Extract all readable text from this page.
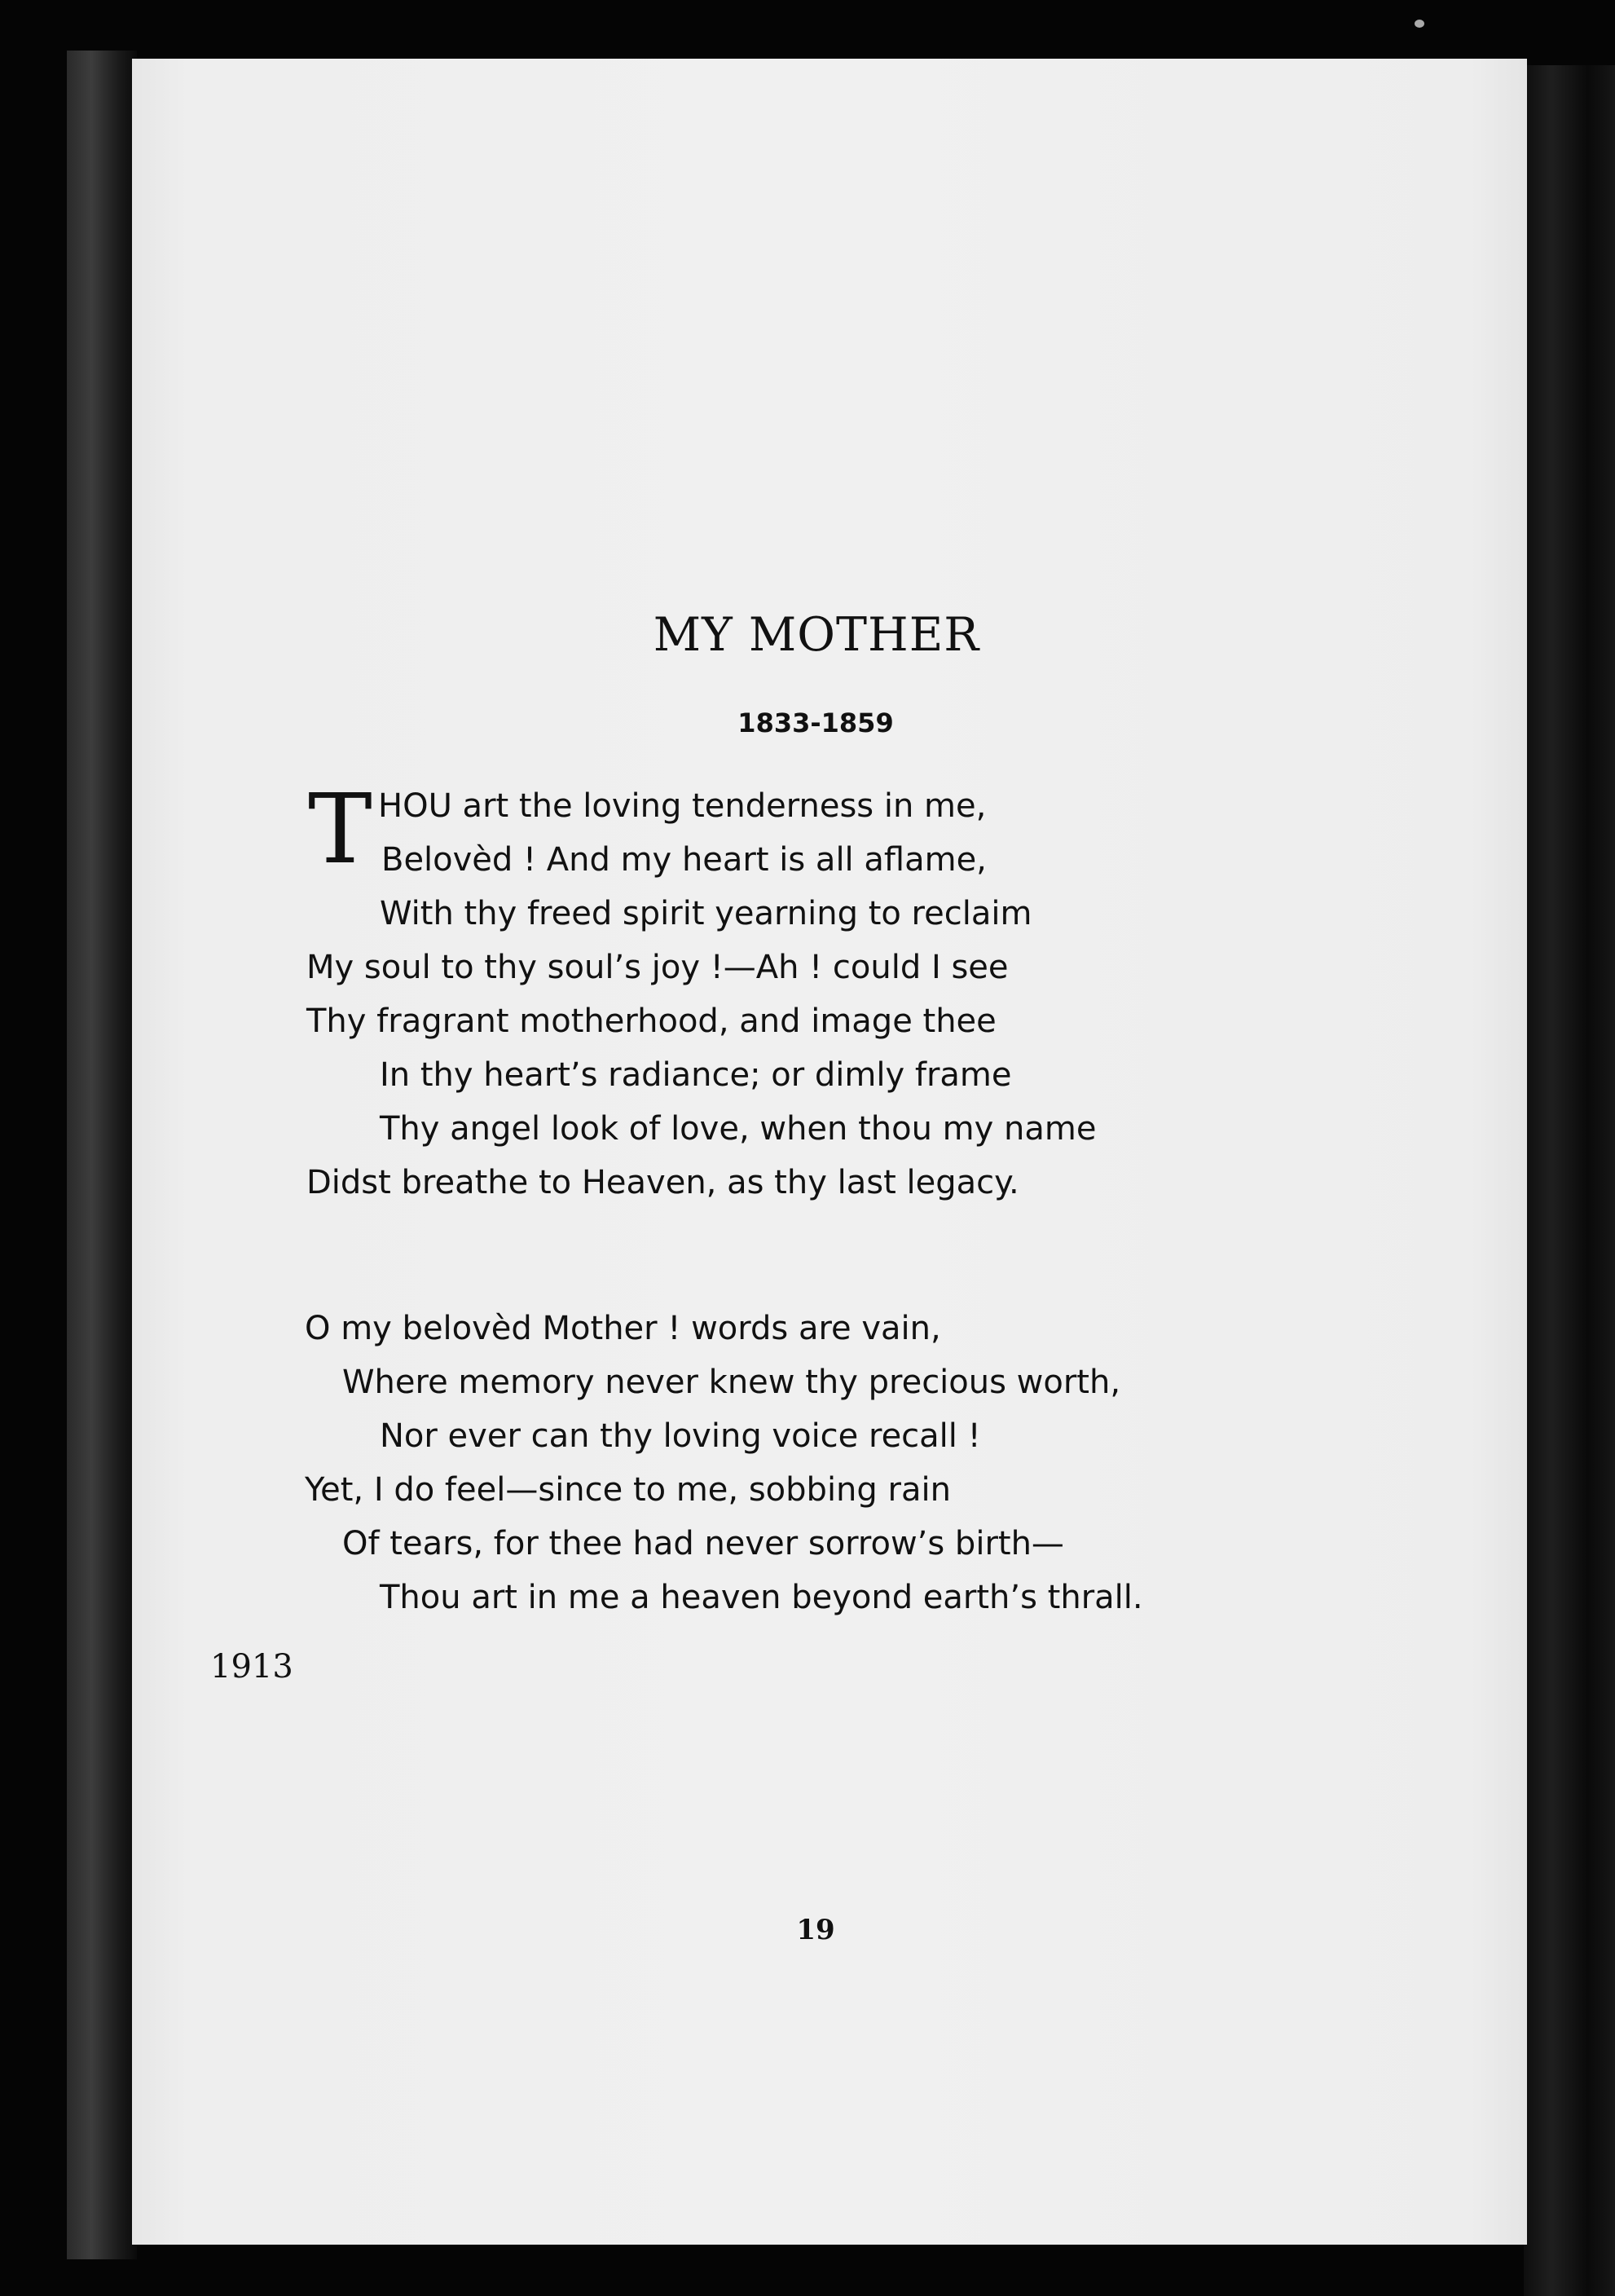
MY MOTHER

1833-1859

T HOU art the loving tenderness in me,

Belovèd ! And my heart is all aflame,

With thy freed spirit yearning to reclaim

My soul to thy soul’s joy !—Ah ! could I see

Thy fragrant motherhood, and image thee

In thy heart’s radiance; or dimly frame

Thy angel look of love, when thou my name

Didst breathe to Heaven, as thy last legacy.

O my belovèd Mother ! words are vain,

Where memory never knew thy precious worth,

Nor ever can thy loving voice recall !

Yet, I do feel—since to me, sobbing rain

Of tears, for thee had never sorrow’s birth—

Thou art in me a heaven beyond earth’s thrall.

1913

19
